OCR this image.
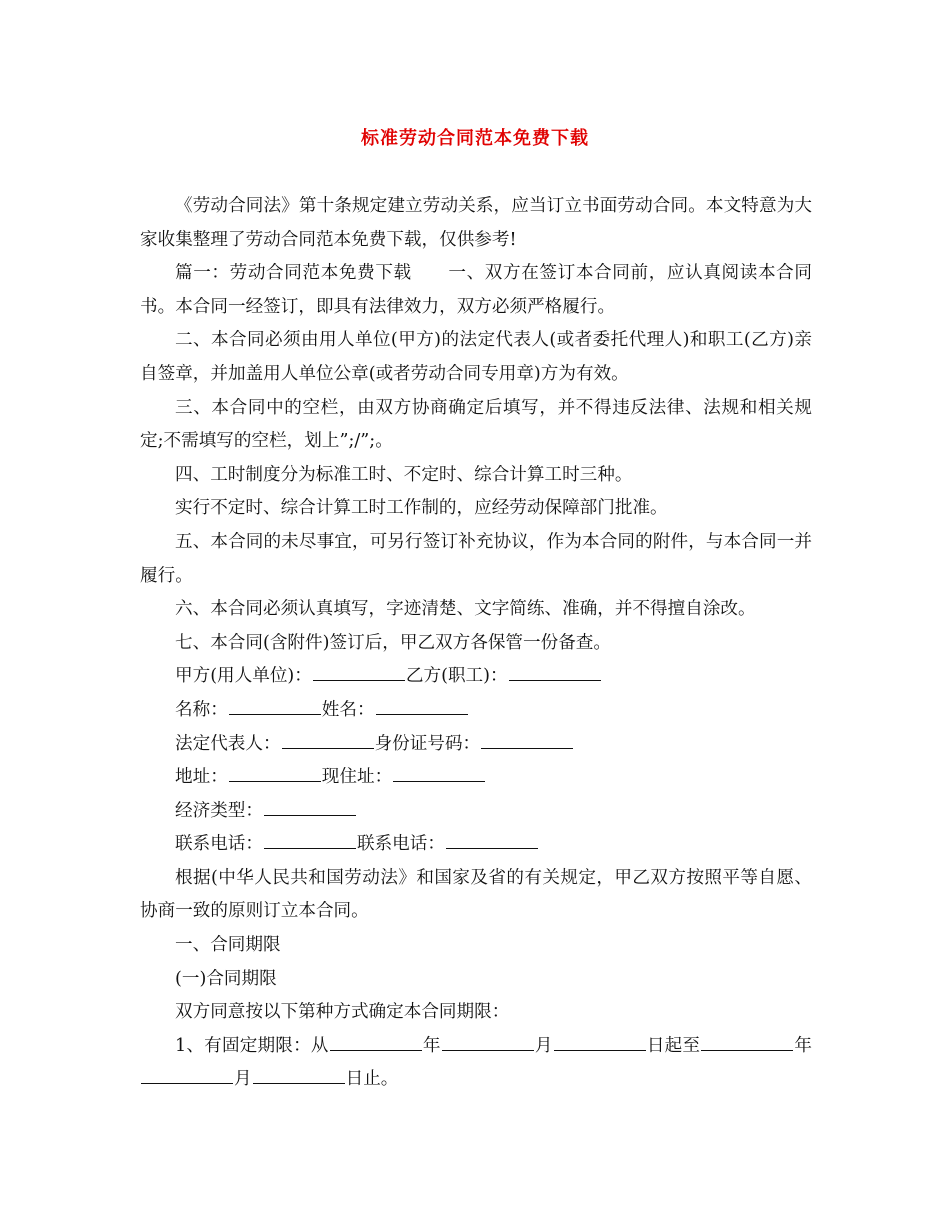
标准劳动合同范本免费下载

《劳动合同法》第十条规定建立劳动关系，应当订立书面劳动合同。本文特意为大家收集整理了劳动合同范本免费下载，仅供参考!

篇一：劳动合同范本免费下载 一、双方在签订本合同前，应认真阅读本合同书。本合同一经签订，即具有法律效力，双方必须严格履行。

二、本合同必须由用人单位(甲方)的法定代表人(或者委托代理人)和职工(乙方)亲自签章，并加盖用人单位公章(或者劳动合同专用章)方为有效。

三、本合同中的空栏，由双方协商确定后填写，并不得违反法律、法规和相关规定;不需填写的空栏，划上”;/”;。

四、工时制度分为标准工时、不定时、综合计算工时三种。

实行不定时、综合计算工时工作制的，应经劳动保障部门批准。

五、本合同的未尽事宜，可另行签订补充协议，作为本合同的附件，与本合同一并履行。

六、本合同必须认真填写，字迹清楚、文字简练、准确，并不得擅自涂改。

七、本合同(含附件)签订后，甲乙双方各保管一份备查。

甲方(用人单位)：	乙方(职工)：

名称：	姓名：

法定代表人：	身份证号码：

地址：	现住址：

经济类型：

联系电话：	联系电话：

根据(中华人民共和国劳动法》和国家及省的有关规定，甲乙双方按照平等自愿、协商一致的原则订立本合同。

一、合同期限

(一)合同期限

双方同意按以下第种方式确定本合同期限：

1、有固定期限：从	年	月	日起至	年月	日止。
